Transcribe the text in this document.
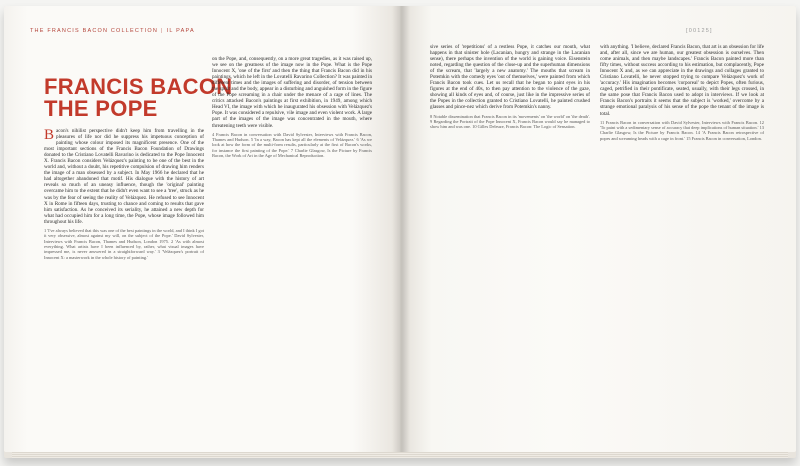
THE FRANCIS BACON COLLECTION | IL PAPA
FRANCIS BACON
THE POPE

Bacon's nihilist perspective didn't keep him from travelling in the pleasures of life nor did he suppress his impetuous conception of painting whose colour imposed its magnificent presence. One of the most important sections of the Francis Bacon Foundation of Drawings donated to the Cristiano Lovatelli Ravarino is dedicated to the Pope Innocent X. Francis Bacon considers Velázquez's painting to be one of the best in the world and, without a doubt, his repetitive compulsion of drawing him renders the image of a man obsessed by a subject. In May 1966 he declared that he had altogether abandoned that motif. His dialogue with the history of art reveals so much of an uneasy influence, though the 'original' painting overcame him to the extent that he didn't even want to see a 'tree', struck as he was by the fear of seeing the reality of Velázquez. He refused to see Innocent X in Rome in fifteen days, trusting to chance and coming to results that gave him satisfaction. As he conceived its seriality, he attained a new depth for what had occupied him for a long time, the Pope, whose image followed him throughout his life.

1 'I've always believed that this was one of the best paintings in the world, and I think I got it very obsessive, almost against my will, on the subject of the Pope.' David Sylvester, Interviews with Francis Bacon, Thames and Hudson, London 1975. 2 'As with almost everything. What artists have I been influenced by, rather, what visual images have impressed me, is never answered in a straightforward way.' 3 'Velázquez's portrait of Innocent X: a masterwork in the whole history of painting.'

on the Pope, and, consequently, on a more great tragedies, as it was raised up, we see on the greatness of the image now in the Pope. What is the Pope Innocent X, 'one of the first' and then the thing that Francis Bacon did in his paintings, which he left in the Lovatelli Ravarino Collection? It was painted in different times and the images of suffering and disorder, of tension between the spirit and the body, appear in a disturbing and anguished form in the figure of the Pope screaming in a chair under the menace of a cage of lines. The critics attacked Bacon's paintings at first exhibition, in 1949, among which Head VI, the image with which he inaugurated his obsession with Velázquez's Pope. It was considered a repulsive, vile image and even violent work. A large part of the images of the image was concentrated in the mouth, where threatening teeth were visible.

4 Francis Bacon in conversation with David Sylvester, Interviews with Francis Bacon, Thames and Hudson. 5 'In a way, Bacon has kept all the elements of Velázquez.' 6 'As we look at how the form of the multi-form results, particularly at the first of Bacon's works, for instance the first painting of the Pope.' 7 Charlie Glasgow, Is the Picture by Francis Bacon, the Work of Art in the Age of Mechanical Reproduction.

[00125]

sive series of 'repetitions' of a restless Pope, it catches our mouth, what happens in that sinister hole (Lacanian, hungry and strange in the Lacanian sense), there perhaps the invention of the world is gaining voice. Eisenstein noted, regarding the question of the close-up and the superhuman dimensions of the scream, that 'largely a new anatomy.' The mouths that scream in Potemkin with the comedy eyes 'out of themselves,' were painted from which Francis Bacon took cues. Let us recall that he began to paint eyes in his figures at the end of 40s, to then pay attention to the violence of the gaze, showing all kinds of eyes and, of course, just like in the impressive series of the Popes in the collection granted to Cristiano Lovatelli, he painted crushed glasses and pince-nez which derive from Potemkin's nanny.

8 Notable dissemination that Francis Bacon in its 'movements' on 'the world' on 'the death'. 9 Regarding the Portrait of the Pope Innocent X, Francis Bacon would say he managed to show him and was one. 10 Gilles Deleuze, Francis Bacon: The Logic of Sensation.

with anything. 'I believe, declared Francis Bacon, that art is an obsession for life and, after all, since we are human, our greatest obsession is ourselves. Then come animals, and then maybe landscapes.' Francis Bacon painted more than fifty times, without success according to his estimation, but complacently, Pope Innocent X and, as we can appreciate in the drawings and collages granted to Cristiano Lovatelli, he never stopped trying to compare Velázquez's work of 'accuracy.' His imagination becomes 'corporeal' to depict Popes, often furious, caged, petrified in their pontificate, seated, usually, with their legs crossed, in the same pose that Francis Bacon used to adopt in interviews. If we look at Francis Bacon's portraits it seems that the subject is 'worked,' overcome by a strange emotional paralysis of his sense of the pope the tenant of the image is total.

11 Francis Bacon in conversation with David Sylvester, Interviews with Francis Bacon. 12 'To paint with a sedimentary sense of accuracy that deep implications of human situation.' 13 Charlie Glasgow, Is the Picture by Francis Bacon. 14 'A Francis Bacon retrospective of popes and screaming heads with a cage in front.' 15 Francis Bacon in conversation, London.
